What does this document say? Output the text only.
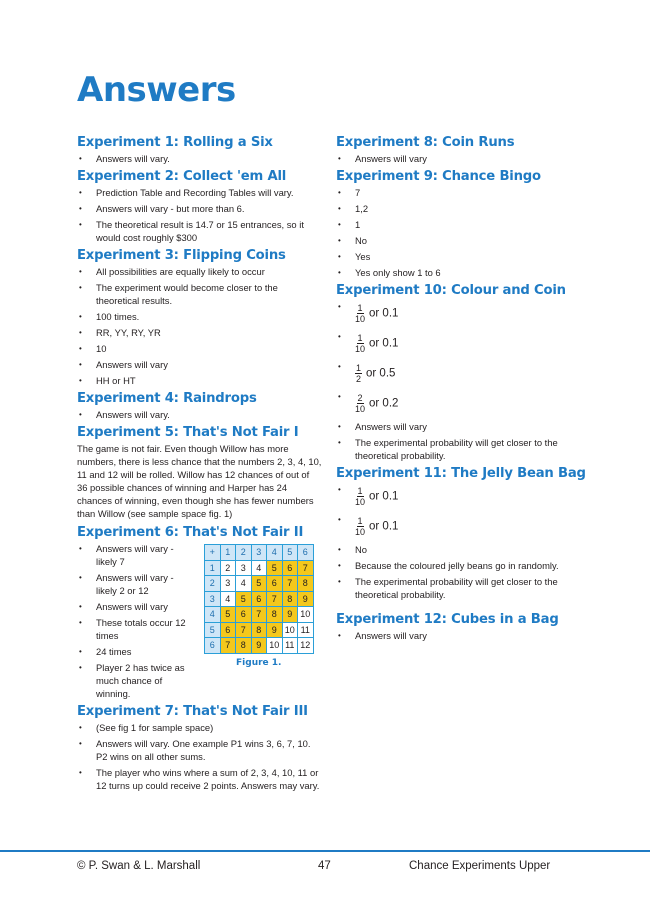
Answers
Experiment 1: Rolling a Six
• Answers will vary.
Experiment 2: Collect 'em All
• Prediction Table and Recording Tables will vary.
• Answers will vary - but more than 6.
• The theoretical result is 14.7 or 15 entrances, so it would cost roughly $300
Experiment 3: Flipping Coins
• All possibilities are equally likely to occur
• The experiment would become closer to the theoretical results.
• 100 times.
• RR, YY, RY, YR
• 10
• Answers will vary
• HH or HT
Experiment 4: Raindrops
• Answers will vary.
Experiment 5: That's Not Fair I

The game is not fair. Even though Willow has more numbers, there is less chance that the numbers 2, 3, 4, 10, 11 and 12 will be rolled. Willow has 12 chances of out of 36 possible chances of winning and Harper has 24 chances of winning, even though she has fewer numbers than Willow (see sample space fig. 1)

Experiment 6: That's Not Fair II
• Answers will vary - likely 7
• Answers will vary - likely 2 or 12
• Answers will vary
• These totals occur 12 times
• 24 times
• Player 2 has twice as much chance of winning.
+	1	2	3	4	5	6
1	2	3	4	5	6	7
2	3	4	5	6	7	8
3	4	5	6	7	8	9
4	5	6	7	8	9	10
5	6	7	8	9	10	11
6	7	8	9	10	11	12
Figure 1.
Experiment 7: That's Not Fair III
• (See fig 1 for sample space)
• Answers will vary. One example P1 wins 3, 6, 7, 10. P2 wins on all other sums.
• The player who wins where a sum of 2, 3, 4, 10, 11 or 12 turns up could receive 2 points. Answers may vary.
Experiment 8: Coin Runs
• Answers will vary
Experiment 9: Chance Bingo
• 7
• 1,2
• 1
• No
• Yes
• Yes only show 1 to 6
Experiment 10: Colour and Coin
• $\frac{1}{10}$ or 0.1
• $\frac{1}{10}$ or 0.1
• $\frac{1}{2}$ or 0.5
• $\frac{2}{10}$ or 0.2
• Answers will vary
• The experimental probability will get closer to the theoretical probability.
Experiment 11: The Jelly Bean Bag
• $\frac{1}{10}$ or 0.1
• $\frac{1}{10}$ or 0.1
• No
• Because the coloured jelly beans go in randomly.
• The experimental probability will get closer to the theoretical probability.
Experiment 12: Cubes in a Bag
• Answers will vary
© P. Swan & L. Marshall	47	Chance Experiments Upper
